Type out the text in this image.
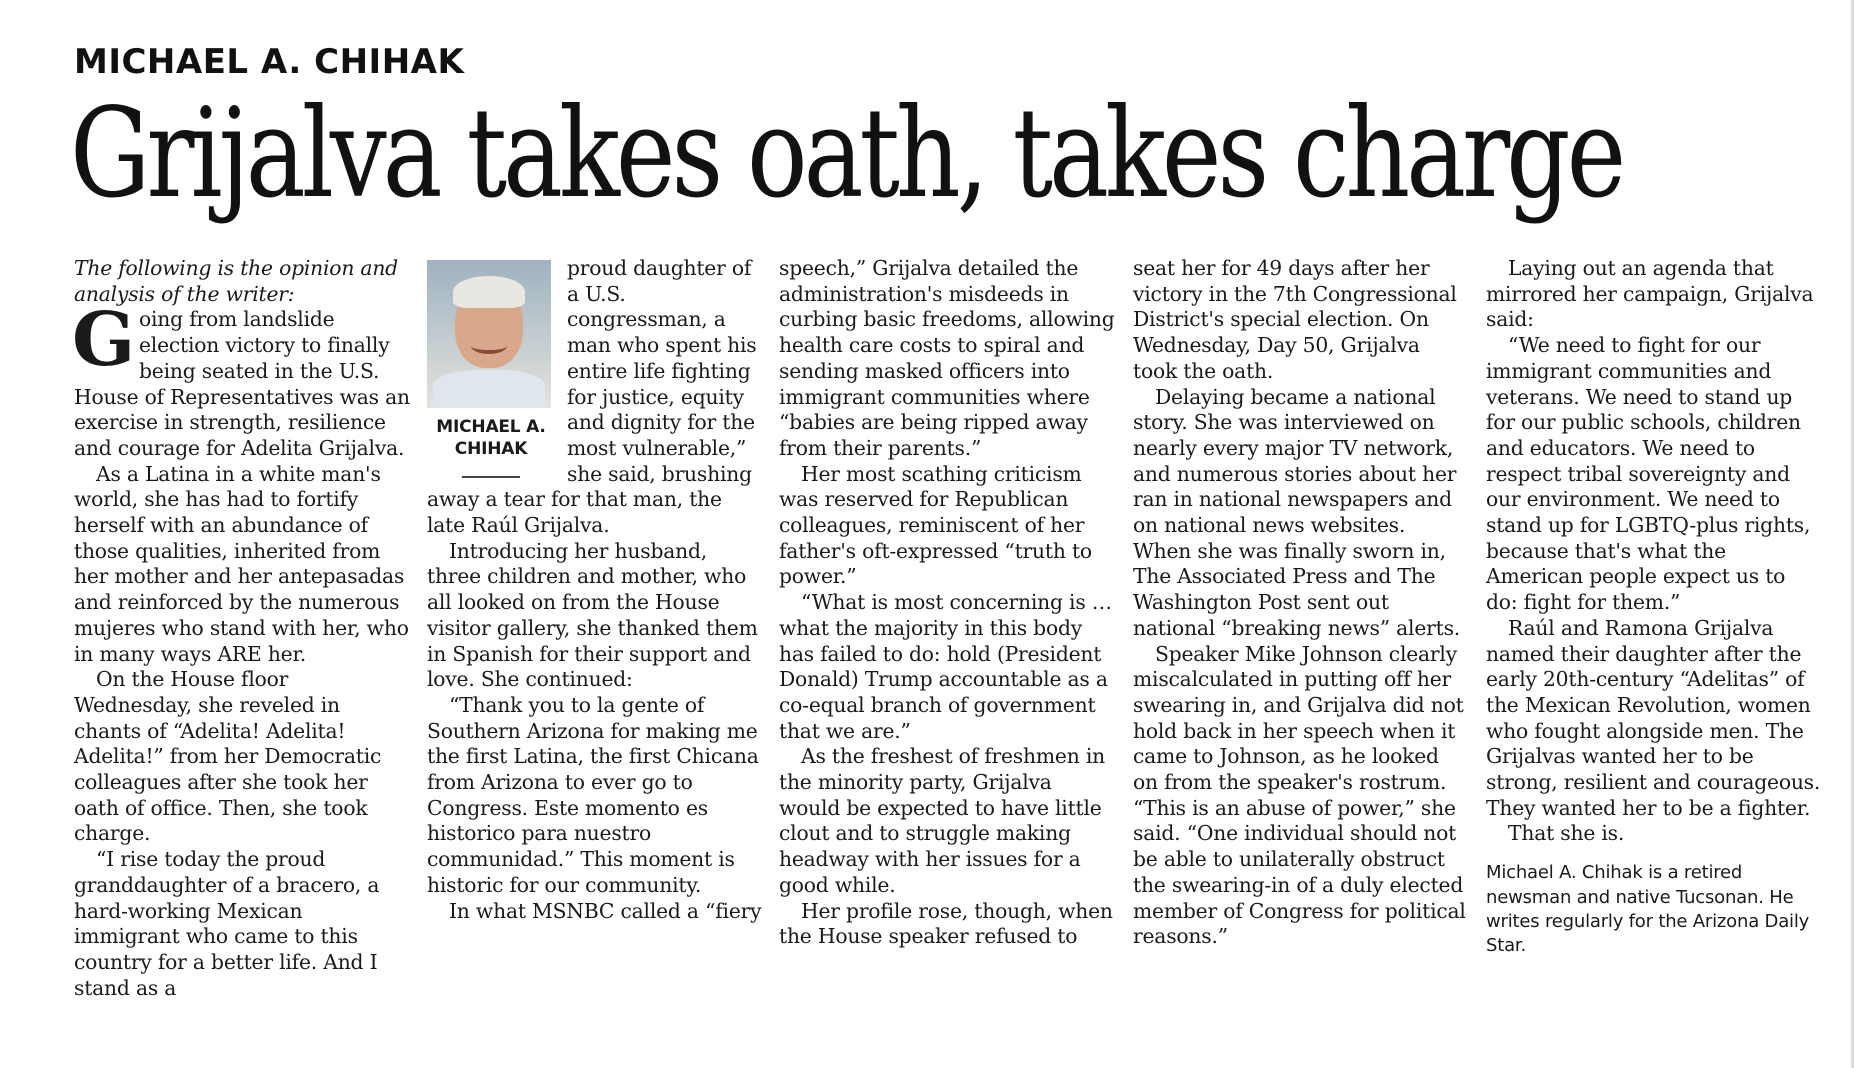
MICHAEL A. CHIHAK
Grijalva takes oath, takes charge

The following is the opinion and analysis of the writer:

Going from landslide election victory to finally being seated in the U.S. House of Representatives was an exercise in strength, resilience and courage for Adelita Grijalva.

As a Latina in a white man's world, she has had to fortify herself with an abundance of those qualities, inherited from her mother and her antepasadas and reinforced by the numerous mujeres who stand with her, who in many ways ARE her.

On the House floor Wednesday, she reveled in chants of “Adelita! Adelita! Adelita!” from her Democratic colleagues after she took her oath of office. Then, she took charge.

“I rise today the proud granddaughter of a bracero, a hard-working Mexican immigrant who came to this country for a better life. And I stand as a

MICHAEL A. CHIHAK

proud daughter of a U.S. congressman, a man who spent his entire life fighting for justice, equity and dignity for the most vulnerable,” she said, brushing away a tear for that man, the late Raúl Grijalva.

Introducing her husband, three children and mother, who all looked on from the House visitor gallery, she thanked them in Spanish for their support and love. She continued:

“Thank you to la gente of Southern Arizona for making me the first Latina, the first Chicana from Arizona to ever go to Congress. Este momento es historico para nuestro communidad.” This moment is historic for our community.

In what MSNBC called a “fiery

speech,” Grijalva detailed the administration's misdeeds in curbing basic freedoms, allowing health care costs to spiral and sending masked officers into immigrant communities where “babies are being ripped away from their parents.”

Her most scathing criticism was reserved for Republican colleagues, reminiscent of her father's oft-expressed “truth to power.”

“What is most concerning is … what the majority in this body has failed to do: hold (President Donald) Trump accountable as a co-equal branch of government that we are.”

As the freshest of freshmen in the minority party, Grijalva would be expected to have little clout and to struggle making headway with her issues for a good while.

Her profile rose, though, when the House speaker refused to

seat her for 49 days after her victory in the 7th Congressional District's special election. On Wednesday, Day 50, Grijalva took the oath.

Delaying became a national story. She was interviewed on nearly every major TV network, and numerous stories about her ran in national newspapers and on national news websites. When she was finally sworn in, The Associated Press and The Washington Post sent out national “breaking news” alerts.

Speaker Mike Johnson clearly miscalculated in putting off her swearing in, and Grijalva did not hold back in her speech when it came to Johnson, as he looked on from the speaker's rostrum. “This is an abuse of power,” she said. “One individual should not be able to unilaterally obstruct the swearing-in of a duly elected member of Congress for political reasons.”

Laying out an agenda that mirrored her campaign, Grijalva said:

“We need to fight for our immigrant communities and veterans. We need to stand up for our public schools, children and educators. We need to respect tribal sovereignty and our environment. We need to stand up for LGBTQ-plus rights, because that's what the American people expect us to do: fight for them.”

Raúl and Ramona Grijalva named their daughter after the early 20th-century “Adelitas” of the Mexican Revolution, women who fought alongside men. The Grijalvas wanted her to be strong, resilient and courageous. They wanted her to be a fighter.

That she is.

Michael A. Chihak is a retired newsman and native Tucsonan. He writes regularly for the Arizona Daily Star.
